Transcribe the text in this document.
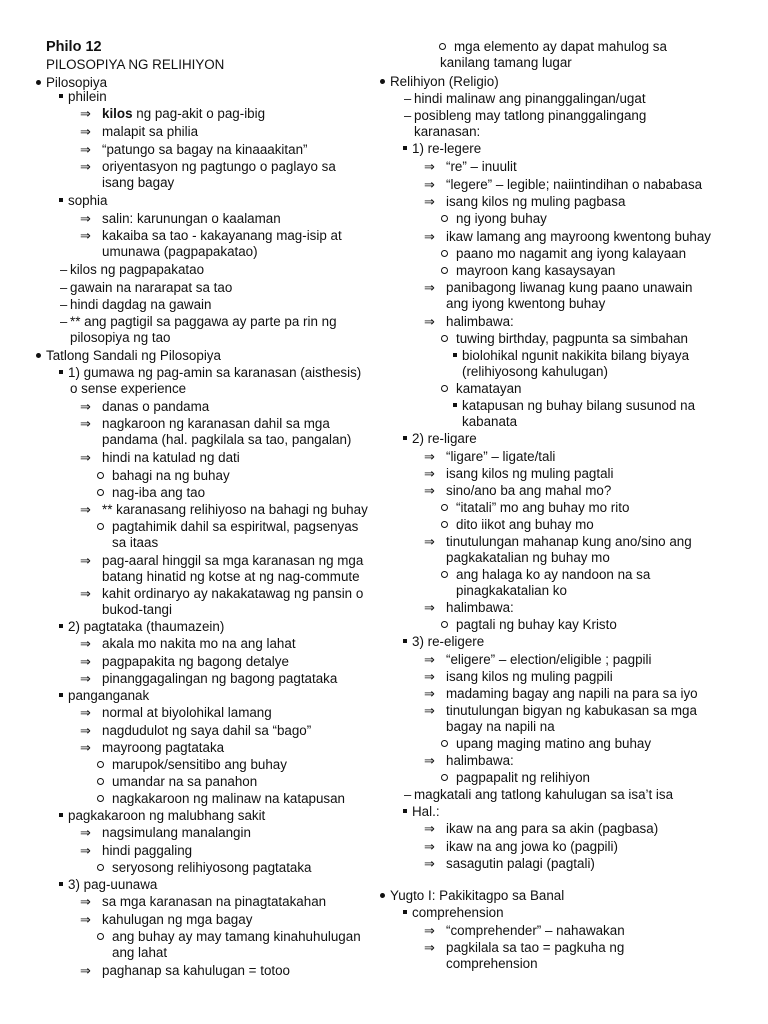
Philo 12
PILOSOPIYA NG RELIHIYON
Pilosopiya
philein
⇒ kilos ng pag-akit o pag-ibig
⇒ malapit sa philia
⇒ “patungo sa bagay na kinaaakitan”
⇒ oriyentasyon ng pagtungo o paglayo sa
isang bagay
sophia
⇒ salin: karunungan o kaalaman
⇒ kakaiba sa tao - kakayanang mag-isip at
umunawa (pagpapakatao)
– kilos ng pagpapakatao
– gawain na nararapat sa tao
– hindi dagdag na gawain
– ** ang pagtigil sa paggawa ay parte pa rin ng
pilosopiya ng tao
Tatlong Sandali ng Pilosopiya
1) gumawa ng pag-amin sa karanasan (aisthesis)
o sense experience
⇒ danas o pandama
⇒ nagkaroon ng karanasan dahil sa mga
pandama (hal. pagkilala sa tao, pangalan)
⇒ hindi na katulad ng dati
bahagi na ng buhay
nag-iba ang tao
⇒ ** karanasang relihiyoso na bahagi ng buhay
pagtahimik dahil sa espiritwal, pagsenyas
sa itaas
⇒ pag-aaral hinggil sa mga karanasan ng mga
batang hinatid ng kotse at ng nag-commute
⇒ kahit ordinaryo ay nakakatawag ng pansin o
bukod-tangi
2) pagtataka (thaumazein)
⇒ akala mo nakita mo na ang lahat
⇒ pagpapakita ng bagong detalye
⇒ pinanggagalingan ng bagong pagtataka
panganganak
⇒ normal at biyolohikal lamang
⇒ nagdudulot ng saya dahil sa “bago”
⇒ mayroong pagtataka
marupok/sensitibo ang buhay
umandar na sa panahon
nagkakaroon ng malinaw na katapusan
pagkakaroon ng malubhang sakit
⇒ nagsimulang manalangin
⇒ hindi paggaling
seryosong relihiyosong pagtataka
3) pag-uunawa
⇒ sa mga karanasan na pinagtatakahan
⇒ kahulugan ng mga bagay
ang buhay ay may tamang kinahuhulugan
ang lahat
⇒ paghanap sa kahulugan = totoo
mga elemento ay dapat mahulog sa
kanilang tamang lugar
Relihiyon (Religio)
– hindi malinaw ang pinanggalingan/ugat
– posibleng may tatlong pinanggalingang
karanasan:
1) re-legere
⇒ “re” – inuulit
⇒ “legere” – legible; naiintindihan o nababasa
⇒ isang kilos ng muling pagbasa
ng iyong buhay
⇒ ikaw lamang ang mayroong kwentong buhay
paano mo nagamit ang iyong kalayaan
mayroon kang kasaysayan
⇒ panibagong liwanag kung paano unawain
ang iyong kwentong buhay
⇒ halimbawa:
tuwing birthday, pagpunta sa simbahan
biolohikal ngunit nakikita bilang biyaya
(relihiyosong kahulugan)
kamatayan
katapusan ng buhay bilang susunod na
kabanata
2) re-ligare
⇒ “ligare” – ligate/tali
⇒ isang kilos ng muling pagtali
⇒ sino/ano ba ang mahal mo?
“itatali” mo ang buhay mo rito
dito iikot ang buhay mo
⇒ tinutulungan mahanap kung ano/sino ang
pagkakatalian ng buhay mo
ang halaga ko ay nandoon na sa
pinagkakatalian ko
⇒ halimbawa:
pagtali ng buhay kay Kristo
3) re-eligere
⇒ “eligere” – election/eligible ; pagpili
⇒ isang kilos ng muling pagpili
⇒ madaming bagay ang napili na para sa iyo
⇒ tinutulungan bigyan ng kabukasan sa mga
bagay na napili na
upang maging matino ang buhay
⇒ halimbawa:
pagpapalit ng relihiyon
– magkatali ang tatlong kahulugan sa isa’t isa
Hal.:
⇒ ikaw na ang para sa akin (pagbasa)
⇒ ikaw na ang jowa ko (pagpili)
⇒ sasagutin palagi (pagtali)
Yugto I: Pakikitagpo sa Banal
comprehension
⇒ “comprehender” – nahawakan
⇒ pagkilala sa tao = pagkuha ng
comprehension
